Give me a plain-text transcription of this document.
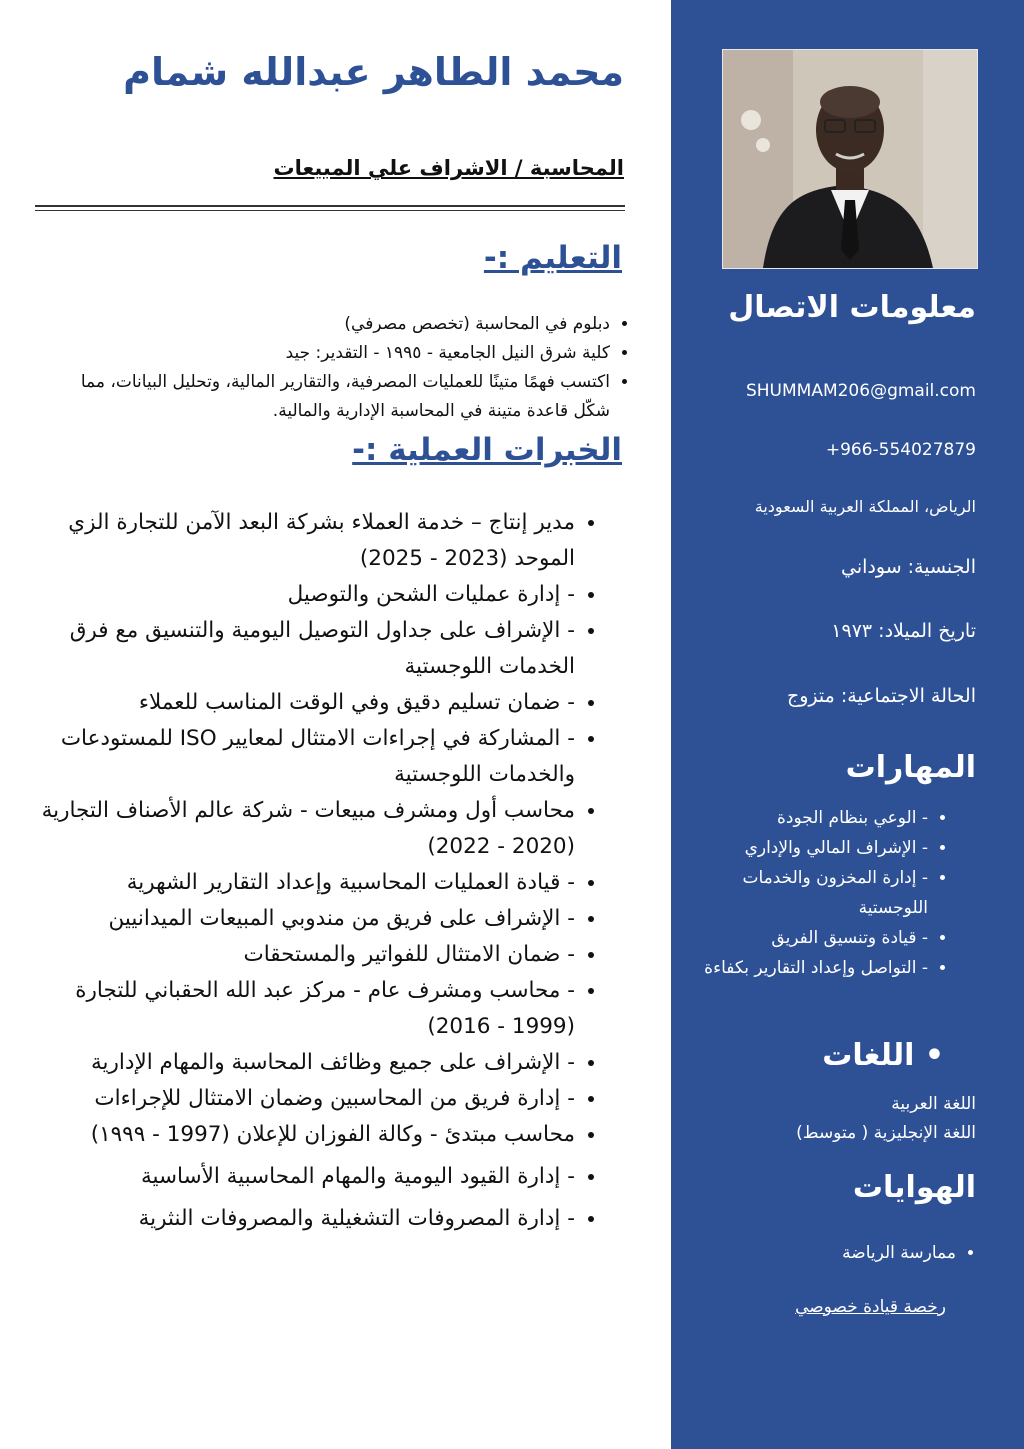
معلومات الاتصال
SHUMMAM206@gmail.com
+966-554027879
الرياض، المملكة العربية السعودية
الجنسية: سوداني
تاريخ الميلاد: ١٩٧٣
الحالة الاجتماعية: متزوج
المهارات
• - الوعي بنظام الجودة
• - الإشراف المالي والإداري
• - إدارة المخزون والخدمات اللوجستية
• - قيادة وتنسيق الفريق
• - التواصل وإعداد التقارير بكفاءة
• اللغات
اللغة العربية
اللغة الإنجليزية ( متوسط)
الهوايات
• ممارسة الرياضة
رخصة قيادة خصوصي
محمد الطاهر عبدالله شمام
المحاسبة / الاشراف علي المبيعات
التعليم :-
• دبلوم في المحاسبة (تخصص مصرفي)
• كلية شرق النيل الجامعية - ١٩٩٥ - التقدير: جيد
• اكتسب فهمًا متينًا للعمليات المصرفية، والتقارير المالية، وتحليل البيانات، مما شكّل قاعدة متينة في المحاسبة الإدارية والمالية.
الخبرات العملية :-
• مدير إنتاج – خدمة العملاء بشركة البعد الآمن للتجارة الزي الموحد (2023 - 2025)
• - إدارة عمليات الشحن والتوصيل
• - الإشراف على جداول التوصيل اليومية والتنسيق مع فرق الخدمات اللوجستية
• - ضمان تسليم دقيق وفي الوقت المناسب للعملاء
• - المشاركة في إجراءات الامتثال لمعايير ISO للمستودعات والخدمات اللوجستية
• محاسب أول ومشرف مبيعات - شركة عالم الأصناف التجارية (2020 - 2022)
• - قيادة العمليات المحاسبية وإعداد التقارير الشهرية
• - الإشراف على فريق من مندوبي المبيعات الميدانيين
• - ضمان الامتثال للفواتير والمستحقات
• - محاسب ومشرف عام - مركز عبد الله الحقباني للتجارة (1999 - 2016)
• - الإشراف على جميع وظائف المحاسبة والمهام الإدارية
• - إدارة فريق من المحاسبين وضمان الامتثال للإجراءات
• محاسب مبتدئ - وكالة الفوزان للإعلان (1997 - ١٩٩٩)
• - إدارة القيود اليومية والمهام المحاسبية الأساسية
• - إدارة المصروفات التشغيلية والمصروفات النثرية
